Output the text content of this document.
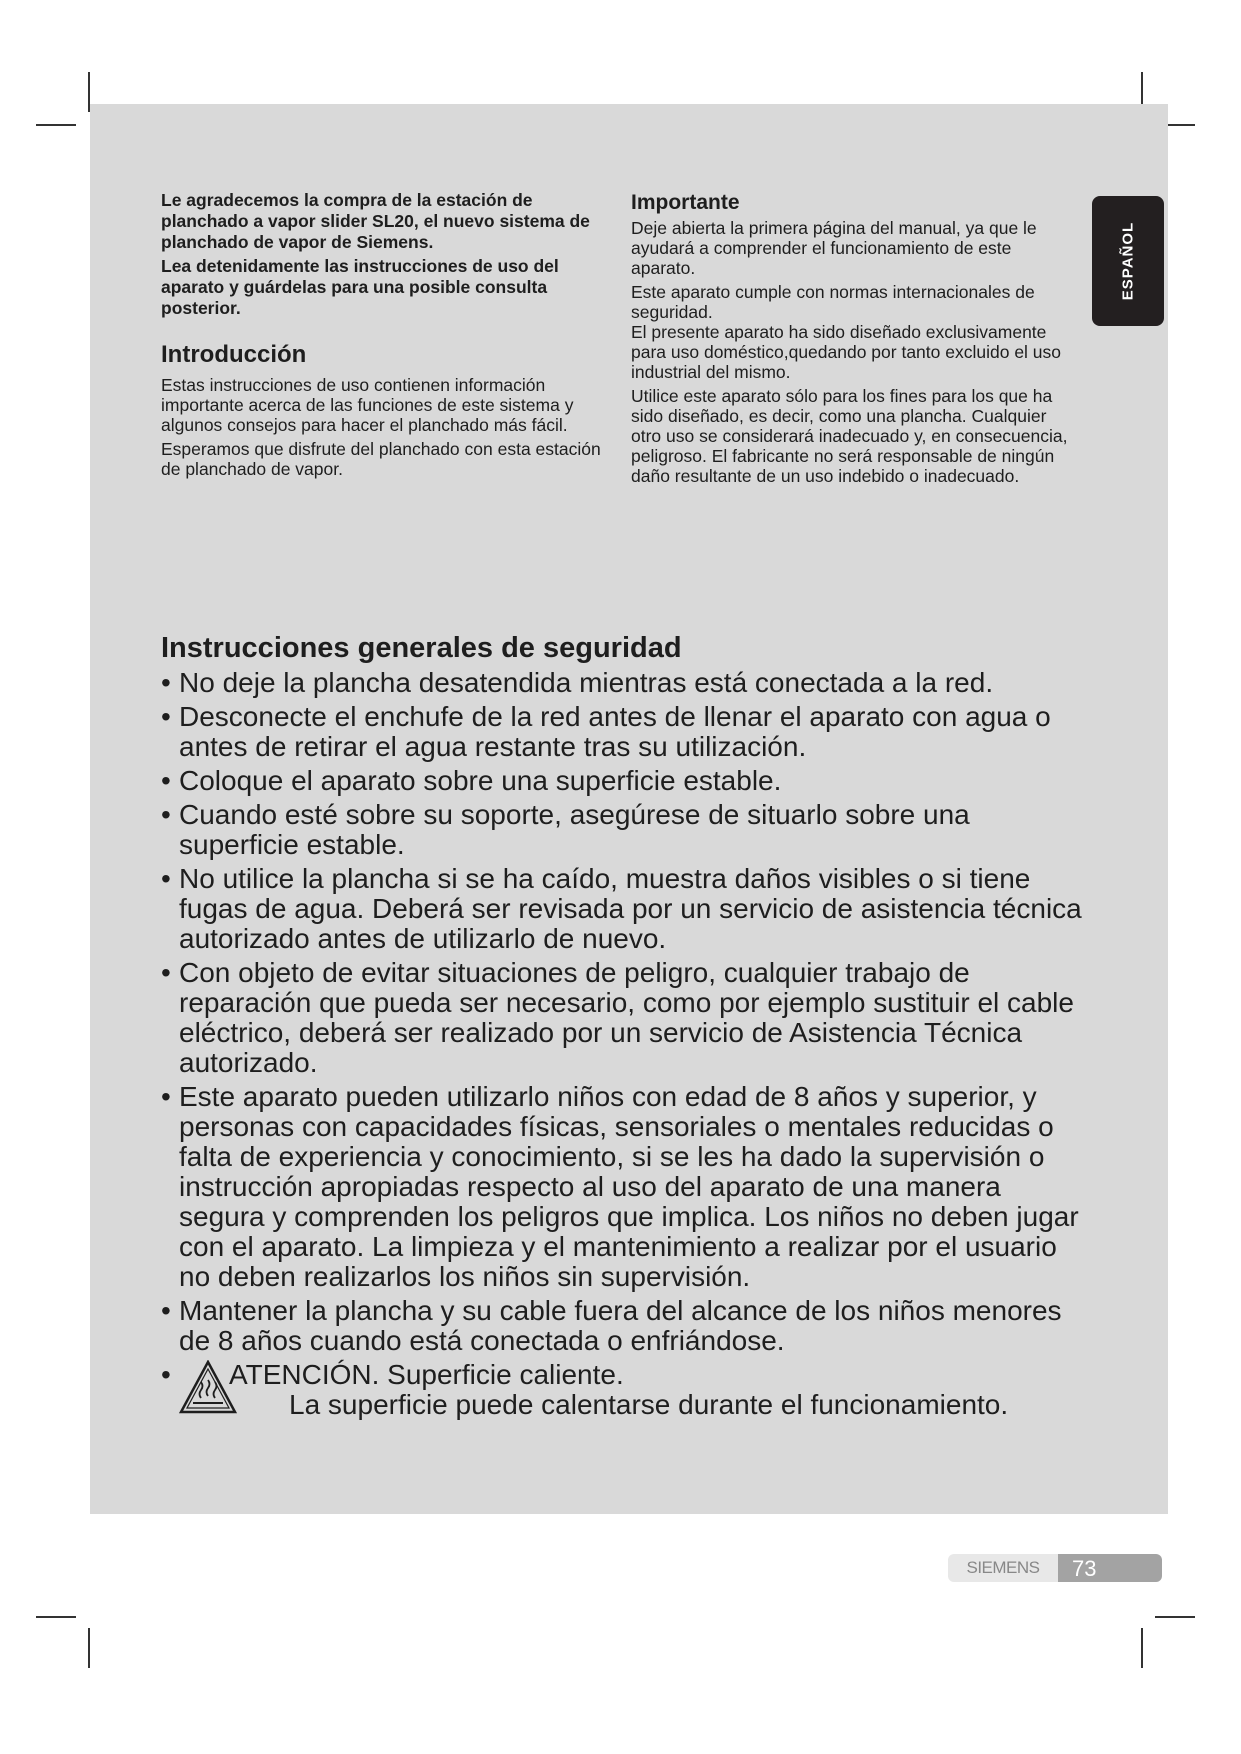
ESPAÑOL

Le agradecemos la compra de la estación de planchado a vapor slider SL20, el nuevo sistema de planchado de vapor de Siemens.

Lea detenidamente las instrucciones de uso del aparato y guárdelas para una posible consulta posterior.

Introducción

Estas instrucciones de uso contienen información importante acerca de las funciones de este sistema y algunos consejos para hacer el planchado más fácil.

Esperamos que disfrute del planchado con esta estación de planchado de vapor.

Importante

Deje abierta la primera página del manual, ya que le ayudará a comprender el funcionamiento de este aparato.

Este aparato cumple con normas internacionales de seguridad.
El presente aparato ha sido diseñado exclusivamente para uso doméstico,quedando por tanto excluido el uso industrial del mismo.

Utilice este aparato sólo para los fines para los que ha sido diseñado, es decir, como una plancha. Cualquier otro uso se considerará inadecuado y, en consecuencia, peligroso. El fabricante no será responsable de ningún daño resultante de un uso indebido o inadecuado.

Instrucciones generales de seguridad
• No deje la plancha desatendida mientras está conectada a la red.
• Desconecte el enchufe de la red antes de llenar el aparato con agua o antes de retirar el agua restante tras su utilización.
• Coloque el aparato sobre una superficie estable.
• Cuando esté sobre su soporte, asegúrese de situarlo sobre una superficie estable.
• No utilice la plancha si se ha caído, muestra daños visibles o si tiene fugas de agua. Deberá ser revisada por un servicio de asistencia técnica autorizado antes de utilizarlo de nuevo.
• Con objeto de evitar situaciones de peligro, cualquier trabajo de reparación que pueda ser necesario, como por ejemplo sustituir el cable eléctrico, deberá ser realizado por un servicio de Asistencia Técnica autorizado.
• Este aparato pueden utilizarlo niños con edad de 8 años y superior, y personas con capacidades físicas, sensoriales o mentales reducidas o falta de experiencia y conocimiento, si se les ha dado la supervisión o instrucción apropiadas respecto al uso del aparato de una manera segura y comprenden los peligros que implica. Los niños no deben jugar con el aparato. La limpieza y el mantenimiento a realizar por el usuario no deben realizarlos los niños sin supervisión.
• Mantener la plancha y su cable fuera del alcance de los niños menores de 8 años cuando está conectada o enfriándose.
• ATENCIÓN. Superficie caliente.
La superficie puede calentarse durante el funcionamiento.
SIEMENS	73
